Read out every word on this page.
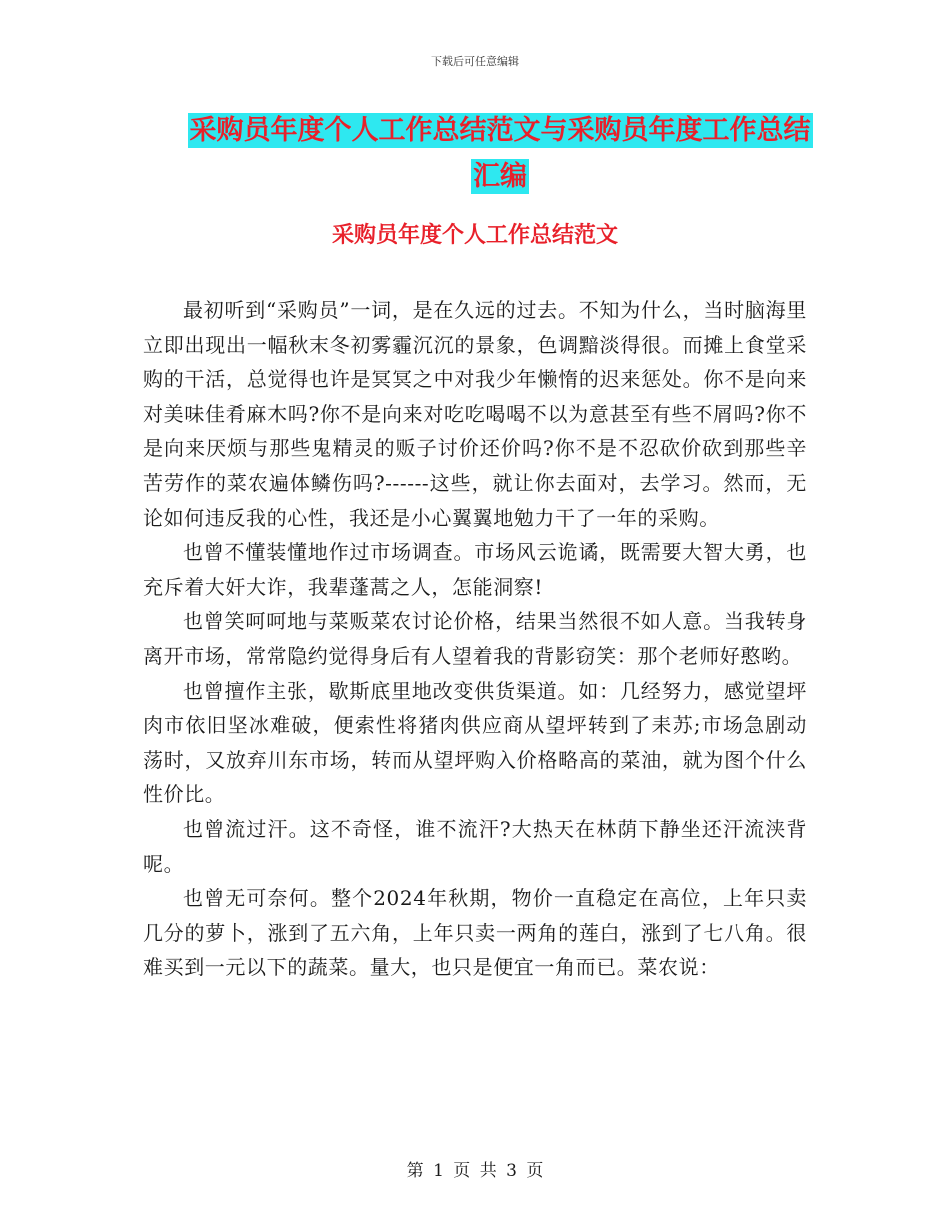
下载后可任意编辑
采购员年度个人工作总结范文与采购员年度工作总结
汇编
采购员年度个人工作总结范文

最初听到“采购员”一词，是在久远的过去。不知为什么，当时脑海里立即出现出一幅秋末冬初雾霾沉沉的景象，色调黯淡得很。而摊上食堂采购的干活，总觉得也许是冥冥之中对我少年懒惰的迟来惩处。你不是向来对美味佳肴麻木吗?你不是向来对吃吃喝喝不以为意甚至有些不屑吗?你不是向来厌烦与那些鬼精灵的贩子讨价还价吗?你不是不忍砍价砍到那些辛苦劳作的菜农遍体鳞伤吗?------这些，就让你去面对，去学习。然而，无论如何违反我的心性，我还是小心翼翼地勉力干了一年的采购。

也曾不懂装懂地作过市场调查。市场风云诡谲，既需要大智大勇，也充斥着大奸大诈，我辈蓬蒿之人，怎能洞察!

也曾笑呵呵地与菜贩菜农讨论价格，结果当然很不如人意。当我转身离开市场，常常隐约觉得身后有人望着我的背影窃笑：那个老师好憨哟。

也曾擅作主张，歇斯底里地改变供货渠道。如：几经努力，感觉望坪肉市依旧坚冰难破，便索性将猪肉供应商从望坪转到了耒苏;市场急剧动荡时，又放弃川东市场，转而从望坪购入价格略高的菜油，就为图个什么性价比。

也曾流过汗。这不奇怪，谁不流汗?大热天在林荫下静坐还汗流浃背呢。

也曾无可奈何。整个2024年秋期，物价一直稳定在高位，上年只卖几分的萝卜，涨到了五六角，上年只卖一两角的莲白，涨到了七八角。很难买到一元以下的蔬菜。量大，也只是便宜一角而已。菜农说：

第 1 页 共 3 页
